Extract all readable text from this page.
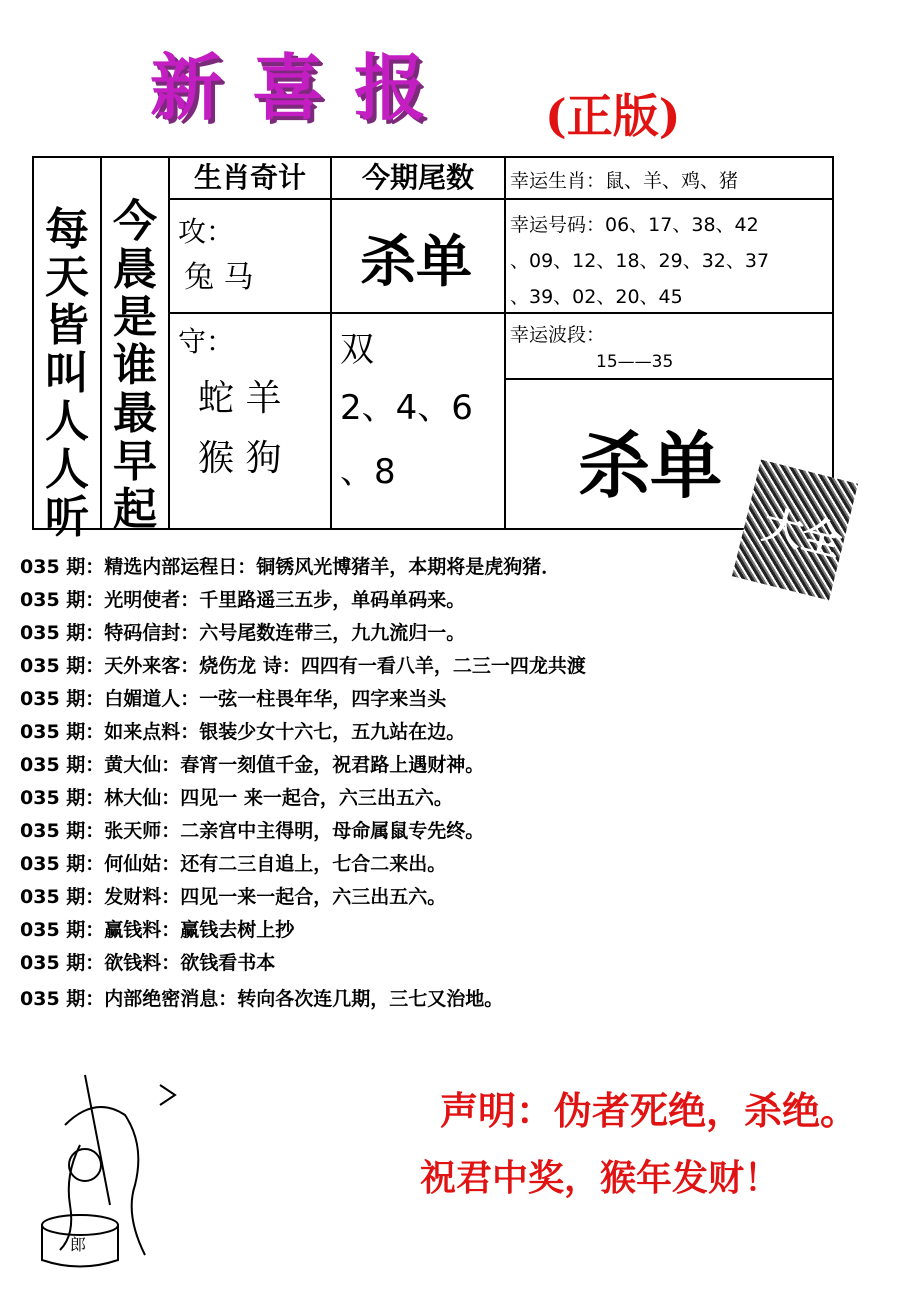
新喜报 (正版)
每天皆叫人人听
今晨是谁最早起
生肖奇计
攻：
兔 马
守：
蛇 羊
猴 狗
今期尾数
杀单
双
2、4、6
、8
幸运生肖：鼠、羊、鸡、猪
幸运号码：06、17、38、42
、09、12、18、29、32、37
、39、02、20、45
幸运波段：
15——35
杀单
大全
035 期：精选内部运程日：铜锈风光博猪羊，本期将是虎狗猪．
035 期：光明使者：千里路遥三五步，单码单码来。
035 期：特码信封：六号尾数连带三，九九流归一。
035 期：天外来客：烧伤龙 诗：四四有一看八羊，二三一四龙共渡
035 期：白媚道人：一弦一柱畏年华，四字来当头
035 期：如来点料：银装少女十六七，五九站在边。
035 期：黄大仙：春宵一刻值千金，祝君路上遇财神。
035 期：林大仙：四见一 来一起合，六三出五六。
035 期：张天师：二亲宫中主得明，母命属鼠专先终。
035 期：何仙姑：还有二三自追上，七合二来出。
035 期：发财料：四见一来一起合，六三出五六。
035 期：赢钱料：赢钱去树上抄
035 期：欲钱料：欲钱看书本
035 期：内部绝密消息：转向各次连几期，三七又治地。
郎
声明：伪者死绝，杀绝。
祝君中奖，猴年发财！
